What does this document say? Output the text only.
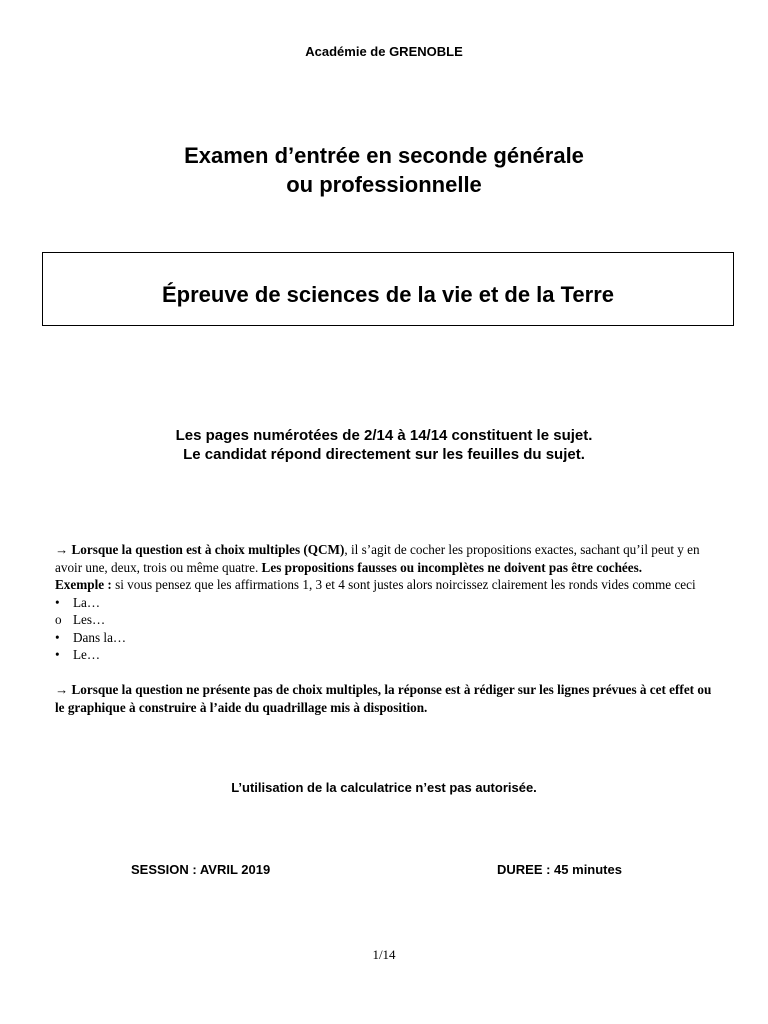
Académie de GRENOBLE
Examen d’entrée en seconde générale
ou professionnelle
Épreuve de sciences de la vie et de la Terre
Les pages numérotées de 2/14 à 14/14 constituent le sujet.
Le candidat répond directement sur les feuilles du sujet.

→ Lorsque la question est à choix multiples (QCM), il s’agit de cocher les propositions exactes, sachant qu’il peut y en avoir une, deux, trois ou même quatre. Les propositions fausses ou incomplètes ne doivent pas être cochées.

Exemple : si vous pensez que les affirmations 1, 3 et 4 sont justes alors noircissez clairement les ronds vides comme ceci

•	La…
o Les…
•	Dans la…
•	Le…

→ Lorsque la question ne présente pas de choix multiples, la réponse est à rédiger sur les lignes prévues à cet effet ou le graphique à construire à l’aide du quadrillage mis à disposition.

L’utilisation de la calculatrice n’est pas autorisée.
SESSION : AVRIL 2019	DUREE : 45 minutes
1/14
